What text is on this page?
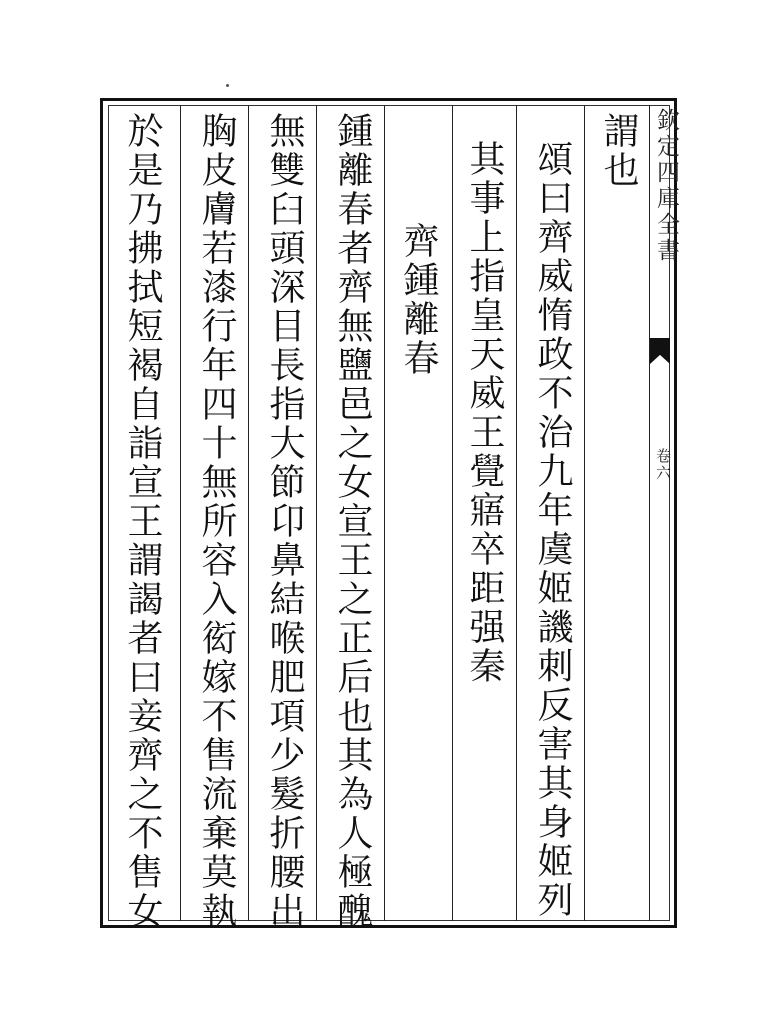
謂也
頌曰齊威惰政不治九年虞姬譏刺反害其身姬列
其事上指皇天威王覺寤卒距强秦
齊鍾離春
鍾離春者齊無鹽邑之女宣王之正后也其為人極醜
無雙臼頭深目長指大節卬鼻結喉肥項少髮折腰出
胸皮膚若漆行年四十無所容入衒嫁不售流棄莫執
於是乃拂拭短褐自詣宣王謂謁者曰妾齊之不售女	欽定四庫全書
卷六
